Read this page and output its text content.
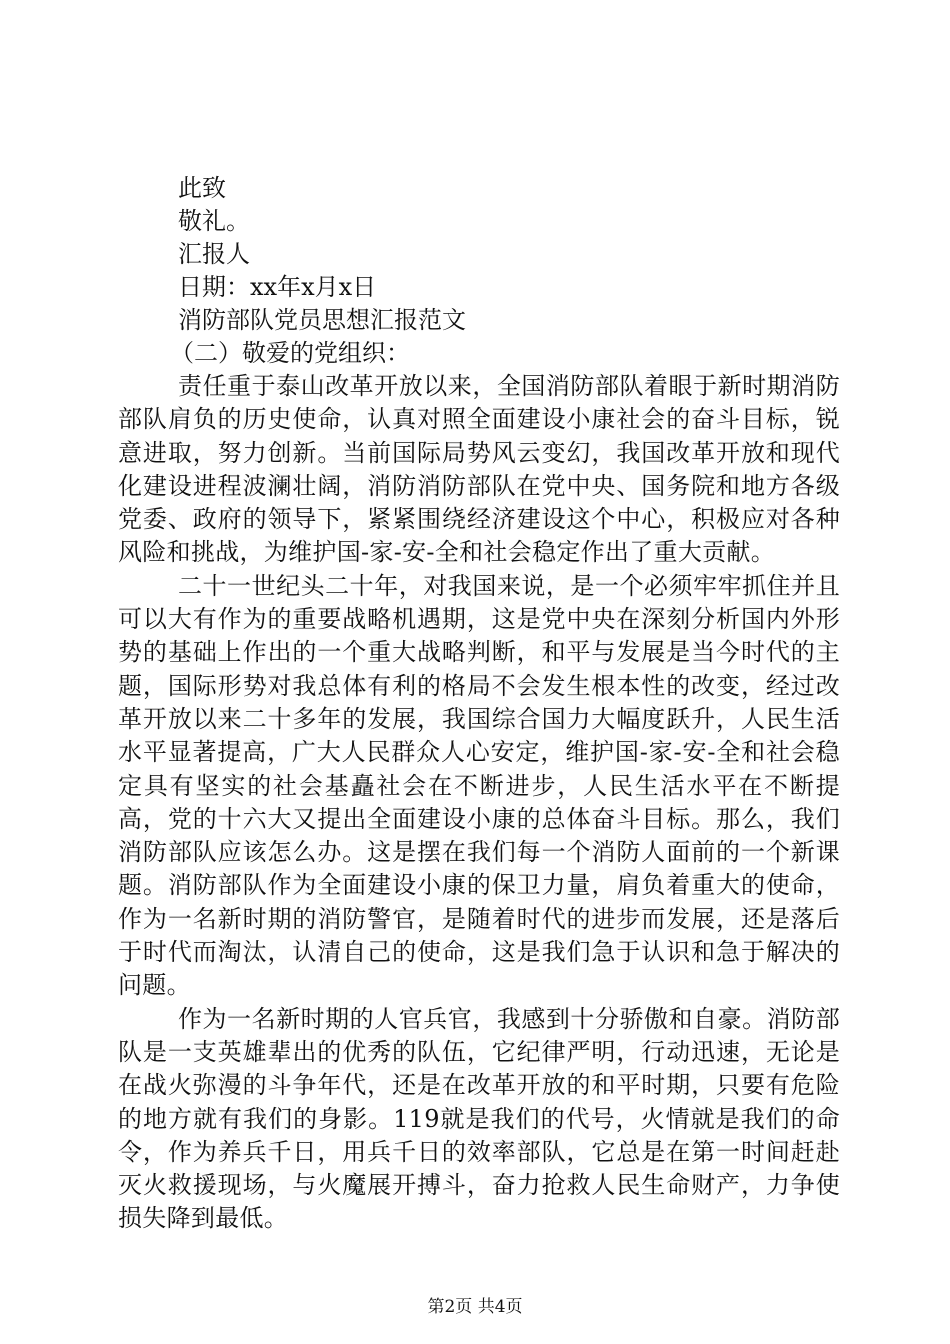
此致
敬礼。
汇报人
日期：xx年x月x日
消防部队党员思想汇报范文
（二）敬爱的党组织：

责任重于泰山改革开放以来，全国消防部队着眼于新时期消防部队肩负的历史使命，认真对照全面建设小康社会的奋斗目标，锐意进取，努力创新。当前国际局势风云变幻，我国改革开放和现代化建设进程波澜壮阔，消防消防部队在党中央、国务院和地方各级党委、政府的领导下，紧紧围绕经济建设这个中心，积极应对各种风险和挑战，为维护国-家-安-全和社会稳定作出了重大贡献。

二十一世纪头二十年，对我国来说，是一个必须牢牢抓住并且可以大有作为的重要战略机遇期，这是党中央在深刻分析国内外形势的基础上作出的一个重大战略判断，和平与发展是当今时代的主题，国际形势对我总体有利的格局不会发生根本性的改变，经过改革开放以来二十多年的发展，我国综合国力大幅度跃升，人民生活水平显著提高，广大人民群众人心安定，维护国-家-安-全和社会稳定具有坚实的社会基矗社会在不断进步，人民生活水平在不断提高，党的十六大又提出全面建设小康的总体奋斗目标。那么，我们消防部队应该怎么办。这是摆在我们每一个消防人面前的一个新课题。消防部队作为全面建设小康的保卫力量，肩负着重大的使命，作为一名新时期的消防警官，是随着时代的进步而发展，还是落后于时代而淘汰，认清自己的使命，这是我们急于认识和急于解决的问题。

作为一名新时期的人官兵官，我感到十分骄傲和自豪。消防部队是一支英雄辈出的优秀的队伍，它纪律严明，行动迅速，无论是在战火弥漫的斗争年代，还是在改革开放的和平时期，只要有危险的地方就有我们的身影。119就是我们的代号，火情就是我们的命令，作为养兵千日，用兵千日的效率部队，它总是在第一时间赶赴灭火救援现场，与火魔展开搏斗，奋力抢救人民生命财产，力争使损失降到最低。

第2页 共4页
